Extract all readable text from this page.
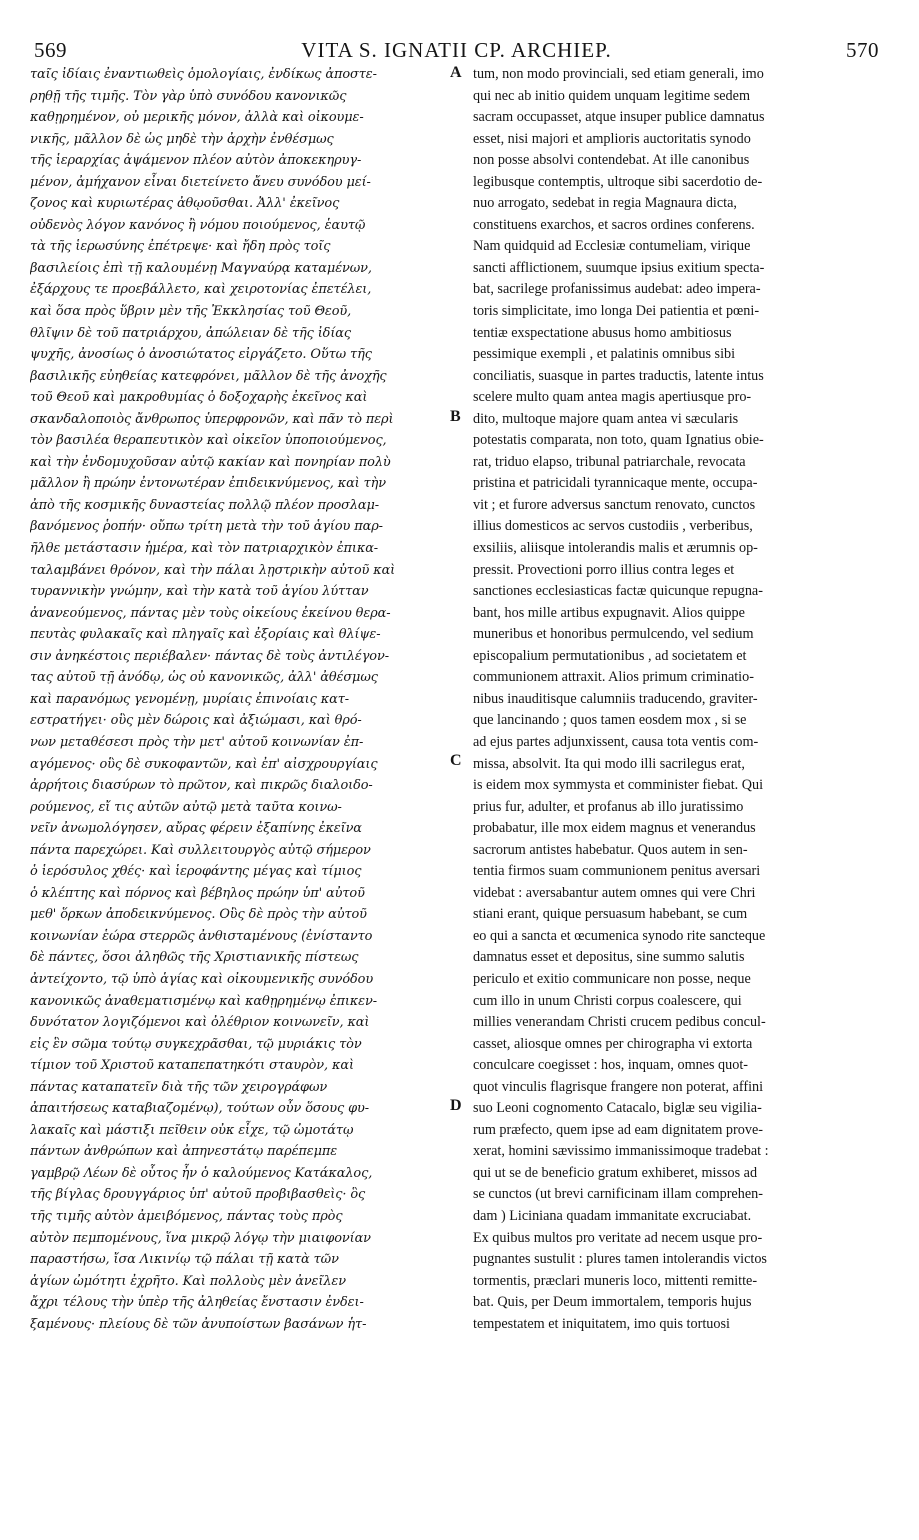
569	VITA S. IGNATII CP. ARCHIEP.	570
ταῖς ἰδίαις ἐναντιωθεὶς ὁμολογίαις, ἐνδίκως ἀποστε-
ρηθῇ τῆς τιμῆς. Τὸν γὰρ ὑπὸ συνόδου κανονικῶς
καθῃρημένον, οὐ μερικῆς μόνον, ἀλλὰ καὶ οἰκουμε-
νικῆς, μᾶλλον δὲ ὡς μηδὲ τὴν ἀρχὴν ἐνθέσμως
τῆς ἱεραρχίας ἁψάμενον πλέον αὐτὸν ἀποκεκηρυγ-
μένον, ἀμήχανον εἶναι διετείνετο ἄνευ συνόδου μεί-
ζονος καὶ κυριωτέρας ἀθῳοῦσθαι. Ἀλλ' ἐκεῖνος
οὐδενὸς λόγον κανόνος ἢ νόμου ποιούμενος, ἑαυτῷ
τὰ τῆς ἱερωσύνης ἐπέτρεψε· καὶ ἤδη πρὸς τοῖς
βασιλείοις ἐπὶ τῇ καλουμένῃ Μαγναύρᾳ καταμένων,
ἐξάρχους τε προεβάλλετο, καὶ χειροτονίας ἐπετέλει,
καὶ ὅσα πρὸς ὕβριν μὲν τῆς Ἐκκλησίας τοῦ Θεοῦ,
θλῖψιν δὲ τοῦ πατριάρχου, ἀπώλειαν δὲ τῆς ἰδίας
ψυχῆς, ἀνοσίως ὁ ἀνοσιώτατος εἰργάζετο. Οὕτω τῆς
βασιλικῆς εὐηθείας κατεφρόνει, μᾶλλον δὲ τῆς ἀνοχῆς
τοῦ Θεοῦ καὶ μακροθυμίας ὁ δοξοχαρὴς ἐκεῖνος καὶ
σκανδαλοποιὸς ἄνθρωπος ὑπερφρονῶν, καὶ πᾶν τὸ περὶ
τὸν βασιλέα θεραπευτικὸν καὶ οἰκεῖον ὑποποιούμενος,
καὶ τὴν ἐνδομυχοῦσαν αὐτῷ κακίαν καὶ πονηρίαν πολὺ
μᾶλλον ἢ πρώην ἐντονωτέραν ἐπιδεικνύμενος, καὶ τὴν
ἀπὸ τῆς κοσμικῆς δυναστείας πολλῷ πλέον προσλαμ-
βανόμενος ῥοπήν· οὔπω τρίτη μετὰ τὴν τοῦ ἁγίου παρ-
ῆλθε μετάστασιν ἡμέρα, καὶ τὸν πατριαρχικὸν ἐπικα-
ταλαμβάνει θρόνον, καὶ τὴν πάλαι λῃστρικὴν αὐτοῦ καὶ
τυραννικὴν γνώμην, καὶ τὴν κατὰ τοῦ ἁγίου λύτταν
ἀνανεούμενος, πάντας μὲν τοὺς οἰκείους ἐκείνου θερα-
πευτὰς φυλακαῖς καὶ πληγαῖς καὶ ἐξορίαις καὶ θλίψε-
σιν ἀνηκέστοις περιέβαλεν· πάντας δὲ τοὺς ἀντιλέγον-
τας αὐτοῦ τῇ ἀνόδῳ, ὡς οὐ κανονικῶς, ἀλλ' ἀθέσμως
καὶ παρανόμως γενομένῃ, μυρίαις ἐπινοίαις κατ-
εστρατήγει· οὓς μὲν δώροις καὶ ἀξιώμασι, καὶ θρό-
νων μεταθέσεσι πρὸς τὴν μετ' αὐτοῦ κοινωνίαν ἐπ-
αγόμενος· οὓς δὲ συκοφαντῶν, καὶ ἐπ' αἰσχρουργίαις
ἀρρήτοις διασύρων τὸ πρῶτον, καὶ πικρῶς διαλοιδο-
ρούμενος, εἴ τις αὐτῶν αὐτῷ μετὰ ταῦτα κοινω-
νεῖν ἀνωμολόγησεν, αὔρας φέρειν ἐξαπίνης ἐκεῖνα
πάντα παρεχώρει. Καὶ συλλειτουργὸς αὐτῷ σήμερον
ὁ ἱερόσυλος χθές· καὶ ἱεροφάντης μέγας καὶ τίμιος
ὁ κλέπτης καὶ πόρνος καὶ βέβηλος πρώην ὑπ' αὐτοῦ
μεθ' ὅρκων ἀποδεικνύμενος. Οὓς δὲ πρὸς τὴν αὐτοῦ
κοινωνίαν ἑώρα στερρῶς ἀνθισταμένους (ἐνίσταντο
δὲ πάντες, ὅσοι ἀληθῶς τῆς Χριστιανικῆς πίστεως
ἀντείχοντο, τῷ ὑπὸ ἁγίας καὶ οἰκουμενικῆς συνόδου
κανονικῶς ἀναθεματισμένῳ καὶ καθῃρημένῳ ἐπικεν-
δυνότατον λογιζόμενοι καὶ ὀλέθριον κοινωνεῖν, καὶ
εἰς ἓν σῶμα τούτῳ συγκεχρᾶσθαι, τῷ μυριάκις τὸν
τίμιον τοῦ Χριστοῦ καταπεπατηκότι σταυρὸν, καὶ
πάντας καταπατεῖν διὰ τῆς τῶν χειρογράφων
ἀπαιτήσεως καταβιαζομένῳ), τούτων οὖν ὅσους φυ-
λακαῖς καὶ μάστιξι πεῖθειν οὐκ εἶχε, τῷ ὠμοτάτῳ
πάντων ἀνθρώπων καὶ ἀπηνεστάτῳ παρέπεμπε
γαμβρῷ Λέων δὲ οὗτος ἦν ὁ καλούμενος Κατάκαλος,
τῆς βίγλας δρουγγάριος ὑπ' αὐτοῦ προβιβασθεὶς· ὃς
τῆς τιμῆς αὐτὸν ἀμειβόμενος, πάντας τοὺς πρὸς
αὐτὸν πεμπομένους, ἵνα μικρῷ λόγῳ τὴν μιαιφονίαν
παραστήσω, ἴσα Λικινίῳ τῷ πάλαι τῇ κατὰ τῶν
ἁγίων ὠμότητι ἐχρῆτο. Καὶ πολλοὺς μὲν ἀνεῖλεν
ἄχρι τέλους τὴν ὑπὲρ τῆς ἀληθείας ἔνστασιν ἐνδει-
ξαμένους· πλείους δὲ τῶν ἀνυποίστων βασάνων ἡτ-
tum, non modo provinciali, sed etiam generali, imo
qui nec ab initio quidem unquam legitime sedem
sacram occupasset, atque insuper publice damnatus
esset, nisi majori et amplioris auctoritatis synodo
non posse absolvi contendebat. At ille canonibus
legibusque contemptis, ultroque sibi sacerdotio de-
nuo arrogato, sedebat in regia Magnaura dicta,
constituens exarchos, et sacros ordines conferens.
Nam quidquid ad Ecclesiæ contumeliam, virique
sancti afflictionem, suumque ipsius exitium specta-
bat, sacrilege profanissimus audebat: adeo impera-
toris simplicitate, imo longa Dei patientia et pœni-
tentiæ exspectatione abusus homo ambitiosus
pessimique exempli , et palatinis omnibus sibi
conciliatis, suasque in partes traductis, latente intus
scelere multo quam antea magis apertiusque pro-
dito, multoque majore quam antea vi sæcularis
potestatis comparata, non toto, quam Ignatius obie-
rat, triduo elapso, tribunal patriarchale, revocata
pristina et patricidali tyrannicaque mente, occupa-
vit ; et furore adversus sanctum renovato, cunctos
illius domesticos ac servos custodiis , verberibus,
exsiliis, aliisque intolerandis malis et ærumnis op-
pressit. Provectioni porro illius contra leges et
sanctiones ecclesiasticas factæ quicunque repugna-
bant, hos mille artibus expugnavit. Alios quippe
muneribus et honoribus permulcendo, vel sedium
episcopalium permutationibus , ad societatem et
communionem attraxit. Alios primum criminatio-
nibus inauditisque calumniis traducendo, graviter-
que lancinando ; quos tamen eosdem mox , si se
ad ejus partes adjunxissent, causa tota ventis com-
missa, absolvit. Ita qui modo illi sacrilegus erat,
is eidem mox symmysta et comminister fiebat. Qui
prius fur, adulter, et profanus ab illo juratissimo
probabatur, ille mox eidem magnus et venerandus
sacrorum antistes habebatur. Quos autem in sen-
tentia firmos suam communionem penitus aversari
videbat : aversabantur autem omnes qui vere Chri
stiani erant, quique persuasum habebant, se cum
eo qui a sancta et œcumenica synodo rite sancteque
damnatus esset et depositus, sine summo salutis
periculo et exitio communicare non posse, neque
cum illo in unum Christi corpus coalescere, qui
millies venerandam Christi crucem pedibus concul-
casset, aliosque omnes per chirographa vi extorta
conculcare coegisset : hos, inquam, omnes quot-
quot vinculis flagrisque frangere non poterat, affini
suo Leoni cognomento Catacalo, biglæ seu vigilia-
rum præfecto, quem ipse ad eam dignitatem prove-
xerat, homini sævissimo immanissimoque tradebat :
qui ut se de beneficio gratum exhiberet, missos ad
se cunctos (ut brevi carnificinam illam comprehen-
dam ) Liciniana quadam immanitate excruciabat.
Ex quibus multos pro veritate ad necem usque pro-
pugnantes sustulit : plures tamen intolerandis victos
tormentis, præclari muneris loco, mittenti remitte-
bat. Quis, per Deum immortalem, temporis hujus
tempestatem et iniquitatem, imo quis tortuosi
A
B
C
D
